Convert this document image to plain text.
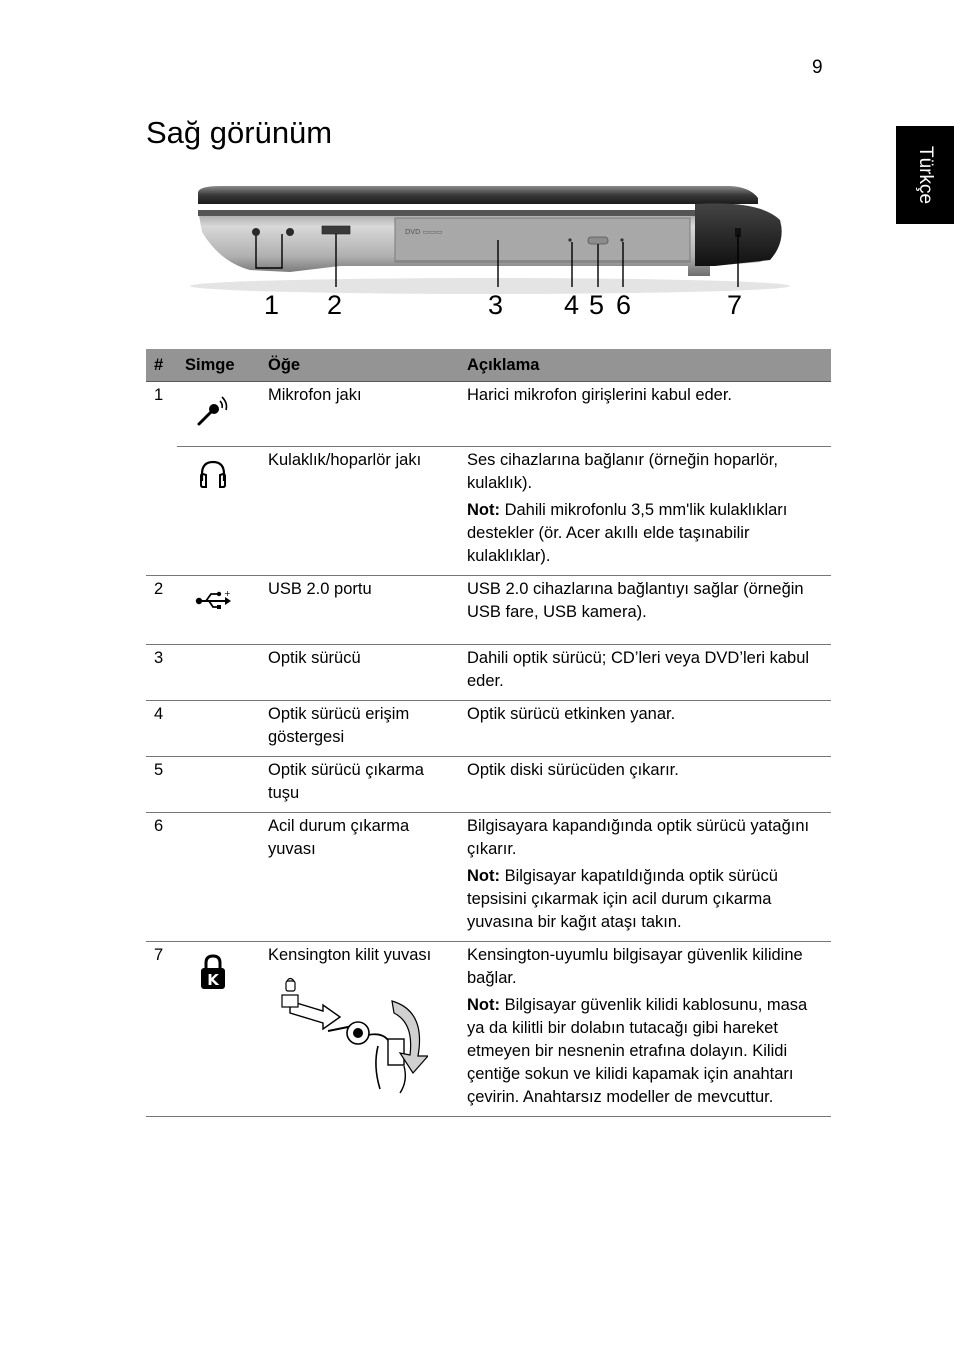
9
Türkçe
Sağ görünüm
DVD ▭▭▭
1 2	3 4 5 6	7
#	Simge	Öğe	Açıklama
1		Mikrofon jakı	Harici mikrofon girişlerini kabul eder.

		Kulaklık/hoparlör jakı	Ses cihazlarına bağlanır (örneğin hoparlör, kulaklık).

Not: Dahili mikrofonlu 3,5 mm'lik kulaklıkları destekler (ör. Acer akıllı elde taşınabilir kulaklıklar).

2	+	USB 2.0 portu	USB 2.0 cihazlarına bağlantıyı sağlar (örneğin USB fare, USB kamera).

3		Optik sürücü	Dahili optik sürücü; CD’leri veya DVD’leri kabul eder.

4		Optik sürücü erişim göstergesi	Optik sürücü etkinken yanar.

5		Optik sürücü çıkarma tuşu	Optik diski sürücüden çıkarır.

6		Acil durum çıkarma yuvası	Bilgisayara kapandığında optik sürücü yatağını çıkarır.

Not: Bilgisayar kapatıldığında optik sürücü tepsisini çıkarmak için acil durum çıkarma yuvasına bir kağıt ataşı takın.

7	K	Kensington kilit yuvası	Kensington-uyumlu bilgisayar güvenlik kilidine bağlar.

Not: Bilgisayar güvenlik kilidi kablosunu, masa ya da kilitli bir dolabın tutacağı gibi hareket etmeyen bir nesnenin etrafına dolayın. Kilidi çentiğe sokun ve kilidi kapamak için anahtarı çevirin. Anahtarsız modeller de mevcuttur.
